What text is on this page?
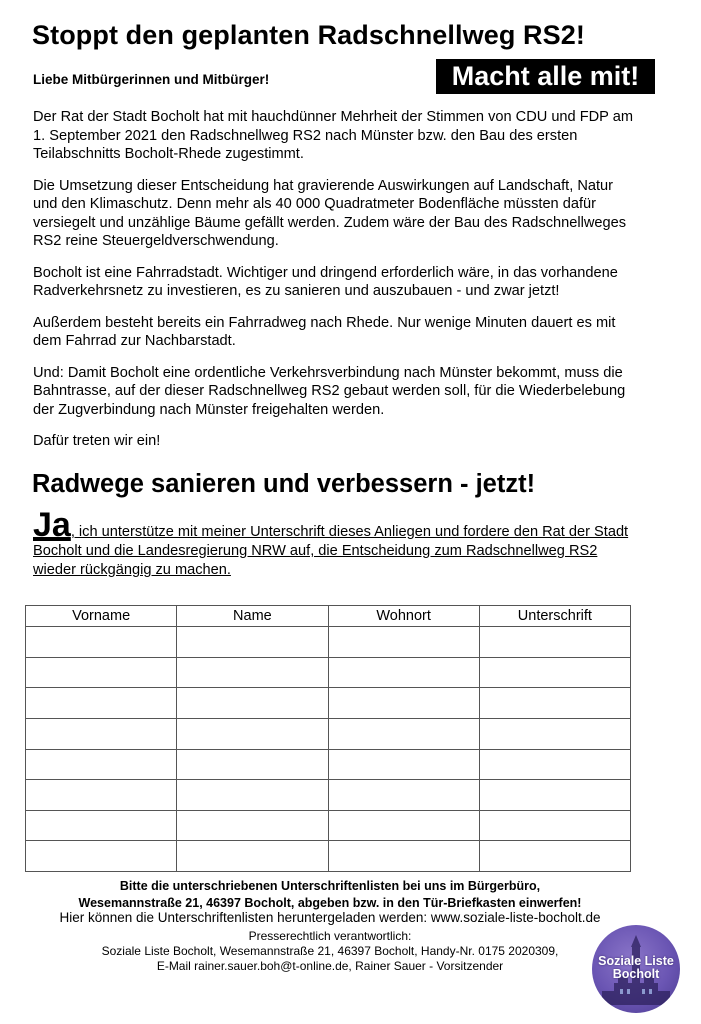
Stoppt den geplanten Radschnellweg RS2!
Liebe Mitbürgerinnen und Mitbürger!	Macht alle mit!

Der Rat der Stadt Bocholt hat mit hauchdünner Mehrheit der Stimmen von CDU und FDP am 1. September 2021 den Radschnellweg RS2 nach Münster bzw. den Bau des ersten Teilabschnitts Bocholt-Rhede zugestimmt.

Die Umsetzung dieser Entscheidung hat gravierende Auswirkungen auf Landschaft, Natur und den Klimaschutz. Denn mehr als 40 000 Quadratmeter Bodenfläche müssten dafür versiegelt und unzählige Bäume gefällt werden. Zudem wäre der Bau des Radschnellweges RS2 reine Steuergeldverschwendung.

Bocholt ist eine Fahrradstadt. Wichtiger und dringend erforderlich wäre, in das vorhandene Radverkehrsnetz zu investieren, es zu sanieren und auszubauen - und zwar jetzt!

Außerdem besteht bereits ein Fahrradweg nach Rhede. Nur wenige Minuten dauert es mit dem Fahrrad zur Nachbarstadt.

Und: Damit Bocholt eine ordentliche Verkehrsverbindung nach Münster bekommt, muss die Bahntrasse, auf der dieser Radschnellweg RS2 gebaut werden soll, für die Wiederbelebung der Zugverbindung nach Münster freigehalten werden.

Dafür treten wir ein!

Radwege sanieren und verbessern - jetzt!
Ja, ich unterstütze mit meiner Unterschrift dieses Anliegen und fordere den Rat der Stadt Bocholt und die Landesregierung NRW auf, die Entscheidung zum Radschnellweg RS2 wieder rückgängig zu machen.
Vorname	Name	Wohnort	Unterschrift

Bitte die unterschriebenen Unterschriftenlisten bei uns im Bürgerbüro,
Wesemannstraße 21, 46397 Bocholt, abgeben bzw. in den Tür-Briefkasten einwerfen!
Hier können die Unterschriftenlisten heruntergeladen werden: www.soziale-liste-bocholt.de
Presserechtlich verantwortlich:
Soziale Liste Bocholt, Wesemannstraße 21, 46397 Bocholt, Handy-Nr. 0175 2020309,
E-Mail rainer.sauer.boh@t-online.de, Rainer Sauer - Vorsitzender	Soziale Liste
Bocholt
